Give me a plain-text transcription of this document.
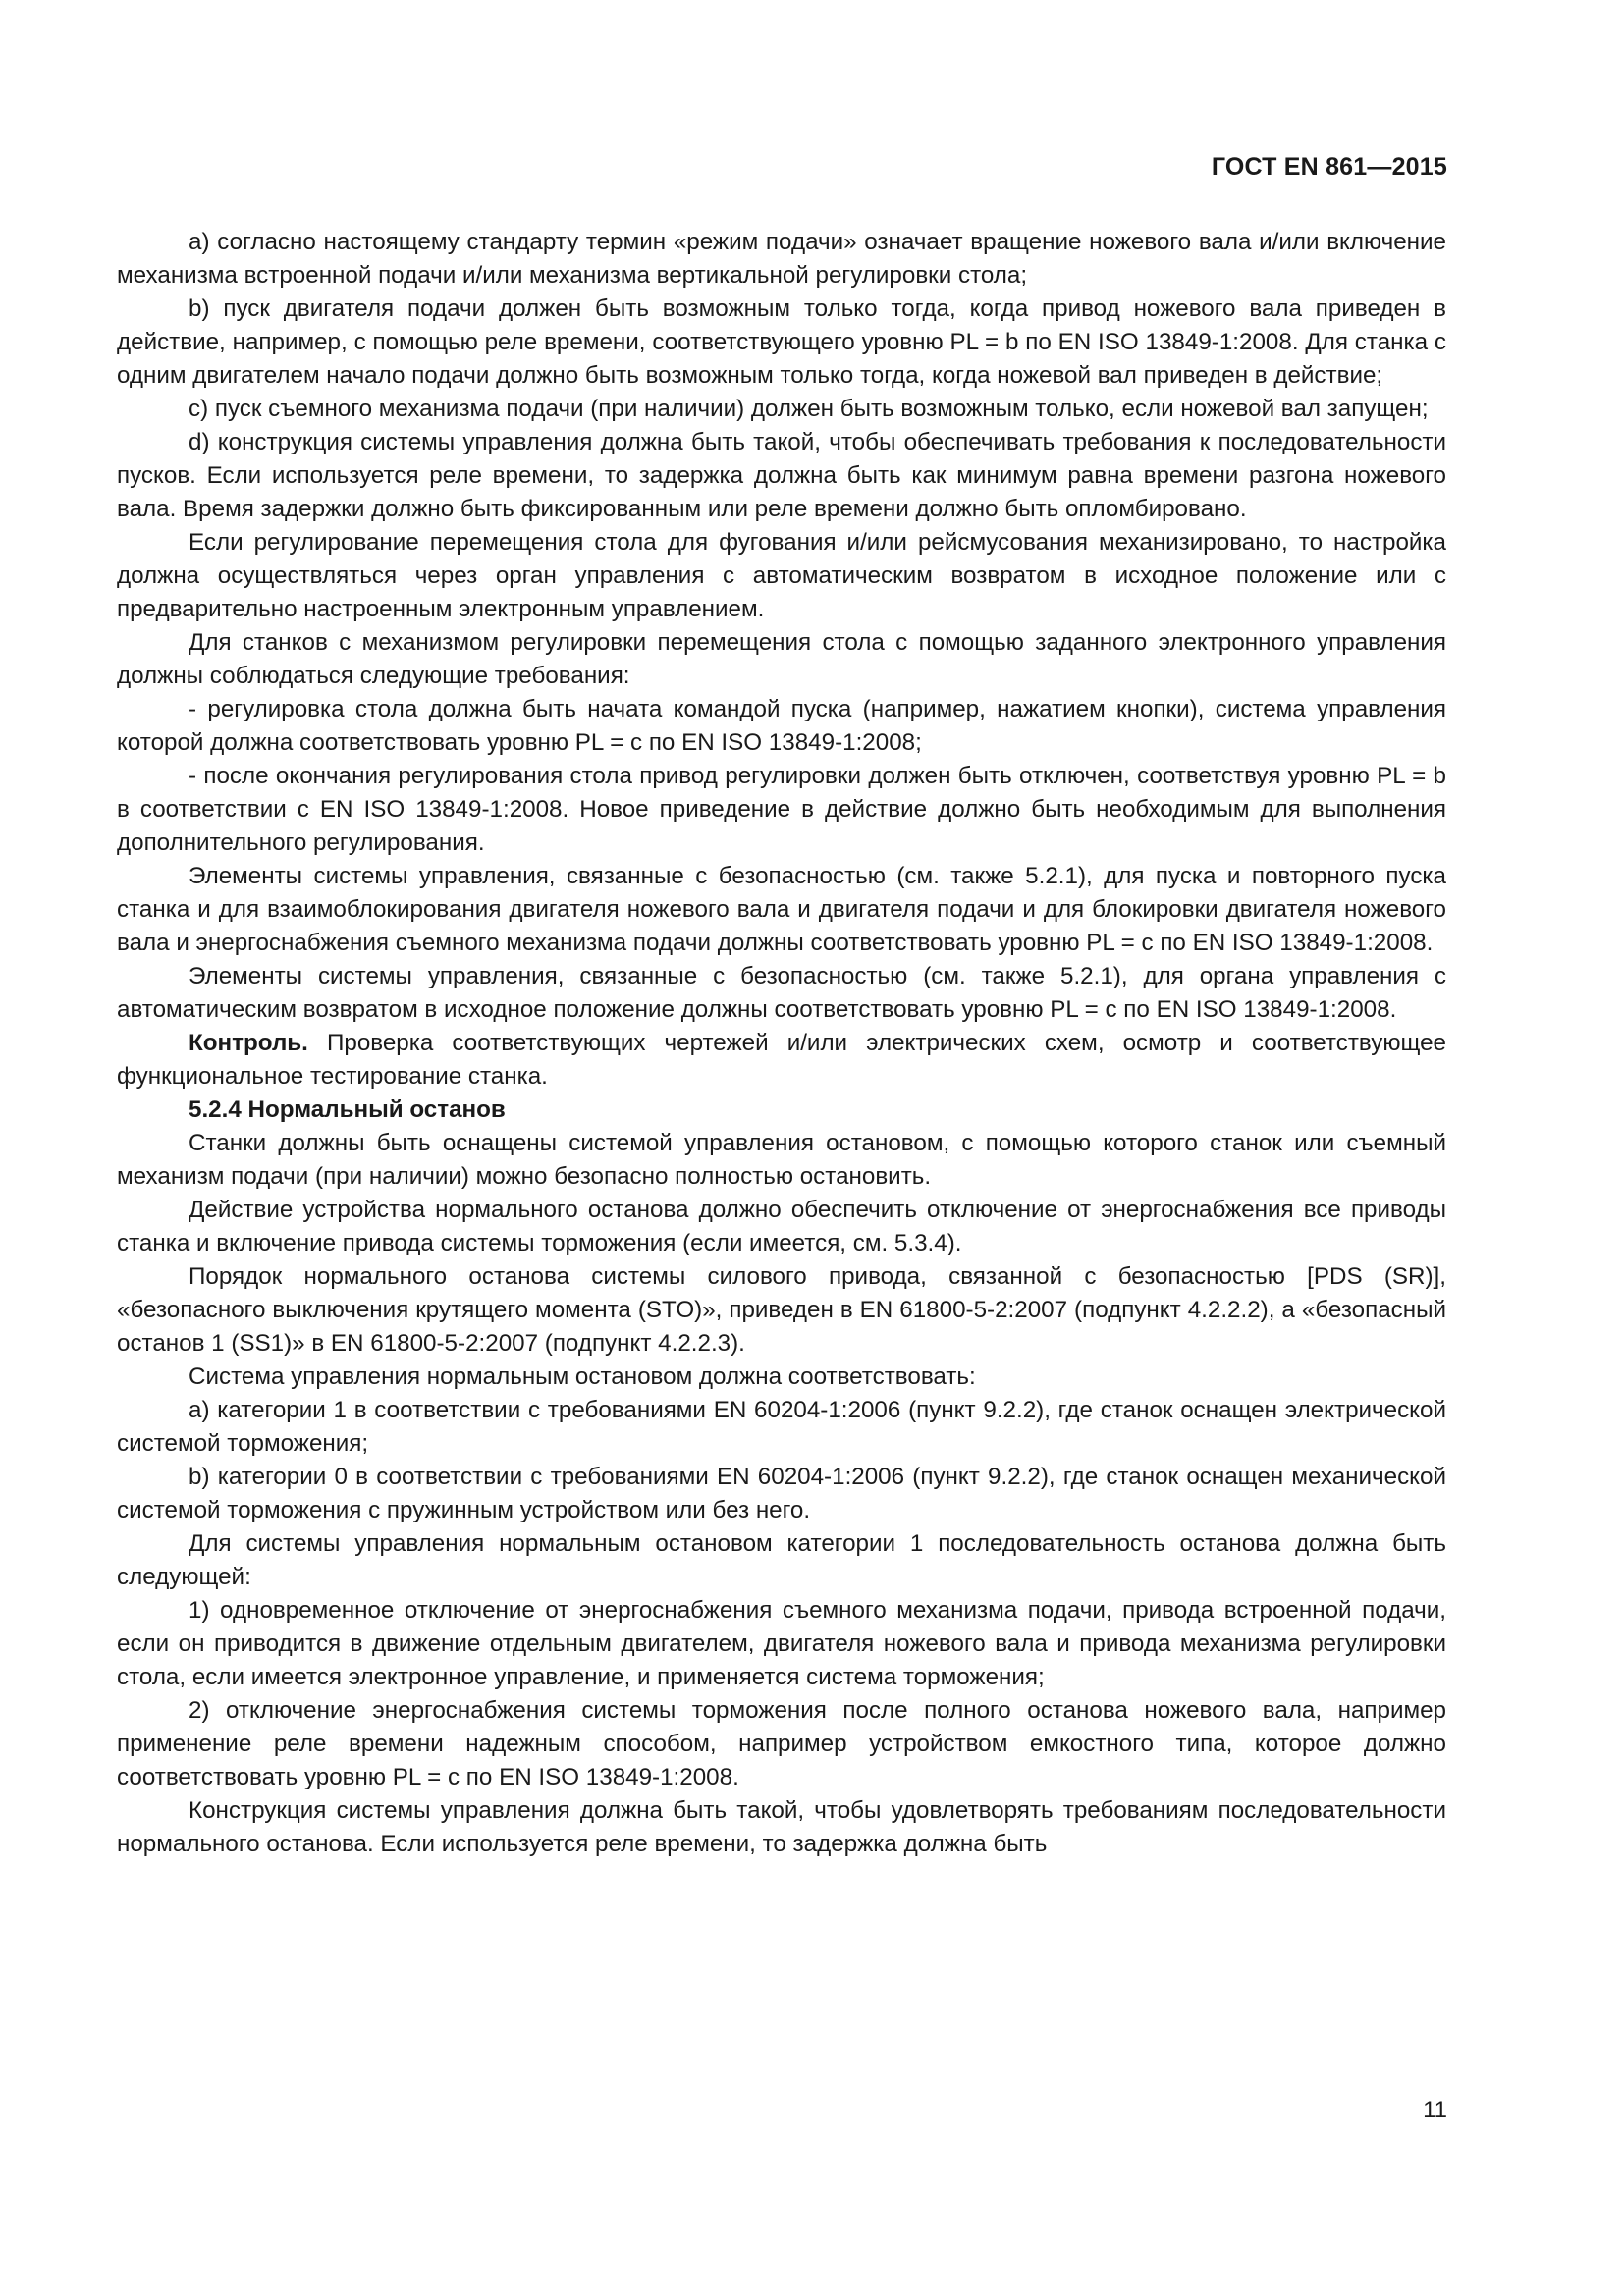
ГОСТ EN 861—2015

a) согласно настоящему стандарту термин «режим подачи» означает вращение ножевого вала и/или включение механизма встроенной подачи и/или механизма вертикальной регулировки стола;

b) пуск двигателя подачи должен быть возможным только тогда, когда привод ножевого вала приведен в действие, например, с помощью реле времени, соответствующего уровню PL = b по EN ISO 13849-1:2008. Для станка с одним двигателем начало подачи должно быть возможным только тогда, когда ножевой вал приведен в действие;

c) пуск съемного механизма подачи (при наличии) должен быть возможным только, если ножевой вал запущен;

d) конструкция системы управления должна быть такой, чтобы обеспечивать требования к последовательности пусков. Если используется реле времени, то задержка должна быть как минимум равна времени разгона ножевого вала. Время задержки должно быть фиксированным или реле времени должно быть опломбировано.

Если регулирование перемещения стола для фугования и/или рейсмусования механизировано, то настройка должна осуществляться через орган управления с автоматическим возвратом в исходное положение или с предварительно настроенным электронным управлением.

Для станков с механизмом регулировки перемещения стола с помощью заданного электронного управления должны соблюдаться следующие требования:

- регулировка стола должна быть начата командой пуска (например, нажатием кнопки), система управления которой должна соответствовать уровню PL = c по EN ISO 13849-1:2008;

- после окончания регулирования стола привод регулировки должен быть отключен, соответствуя уровню PL = b в соответствии с EN ISO 13849-1:2008. Новое приведение в действие должно быть необходимым для выполнения дополнительного регулирования.

Элементы системы управления, связанные с безопасностью (см. также 5.2.1), для пуска и повторного пуска станка и для взаимоблокирования двигателя ножевого вала и двигателя подачи и для блокировки двигателя ножевого вала и энергоснабжения съемного механизма подачи должны соответствовать уровню PL = c по EN ISO 13849-1:2008.

Элементы системы управления, связанные с безопасностью (см. также 5.2.1), для органа управления с автоматическим возвратом в исходное положение должны соответствовать уровню PL = c по EN ISO 13849-1:2008.

Контроль. Проверка соответствующих чертежей и/или электрических схем, осмотр и соответствующее функциональное тестирование станка.

5.2.4 Нормальный останов

Станки должны быть оснащены системой управления остановом, с помощью которого станок или съемный механизм подачи (при наличии) можно безопасно полностью остановить.

Действие устройства нормального останова должно обеспечить отключение от энергоснабжения все приводы станка и включение привода системы торможения (если имеется, см. 5.3.4).

Порядок нормального останова системы силового привода, связанной с безопасностью [PDS (SR)], «безопасного выключения крутящего момента (STO)», приведен в EN 61800-5-2:2007 (подпункт 4.2.2.2), а «безопасный останов 1 (SS1)» в EN 61800-5-2:2007 (подпункт 4.2.2.3).

Система управления нормальным остановом должна соответствовать:

a) категории 1 в соответствии с требованиями EN 60204-1:2006 (пункт 9.2.2), где станок оснащен электрической системой торможения;

b) категории 0 в соответствии с требованиями EN 60204-1:2006 (пункт 9.2.2), где станок оснащен механической системой торможения с пружинным устройством или без него.

Для системы управления нормальным остановом категории 1 последовательность останова должна быть следующей:

1) одновременное отключение от энергоснабжения съемного механизма подачи, привода встроенной подачи, если он приводится в движение отдельным двигателем, двигателя ножевого вала и привода механизма регулировки стола, если имеется электронное управление, и применяется система торможения;

2) отключение энергоснабжения системы торможения после полного останова ножевого вала, например применение реле времени надежным способом, например устройством емкостного типа, которое должно соответствовать уровню PL = c по EN ISO 13849-1:2008.

Конструкция системы управления должна быть такой, чтобы удовлетворять требованиям последовательности нормального останова. Если используется реле времени, то задержка должна быть

11
